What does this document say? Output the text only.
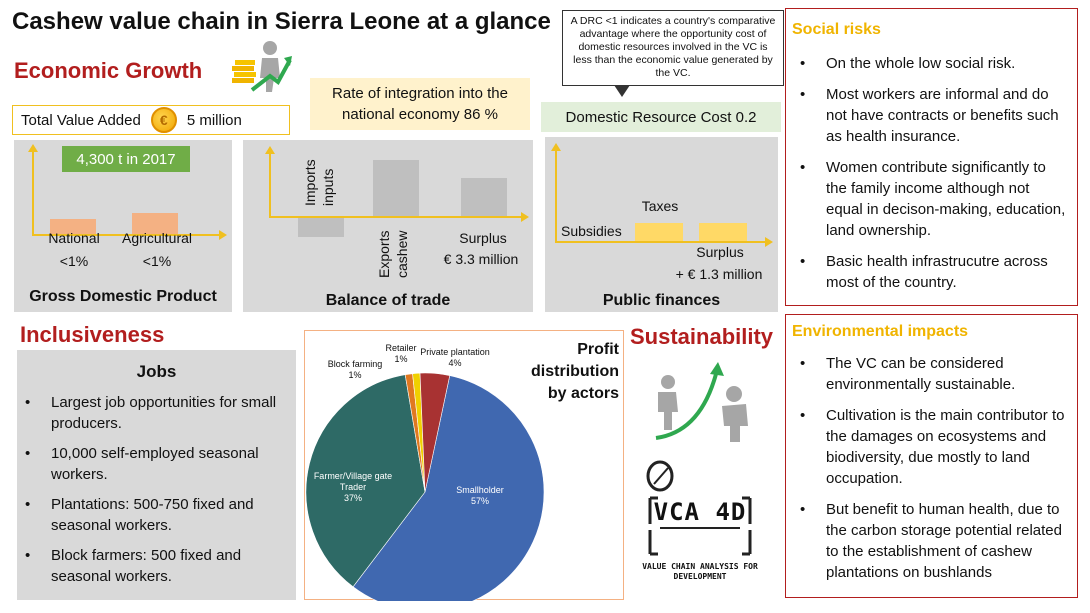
Cashew value chain in Sierra Leone at a glance
Economic Growth
Total Value Added	€	5 million
Rate of integration into the national economy 86 %
A DRC <1 indicates a country's comparative advantage where the opportunity cost of domestic resources involved in the VC is less than the economic value generated by the VC.
Domestic Resource Cost 0.2
4,300 t in 2017
National
<1%
Agricultural
<1%
Gross Domestic Product
Imports inputs
Exports cashew	Surplus
€ 3.3 million
Balance of trade
Taxes
Subsidies
Surplus
+ € 1.3 million
Public finances
Inclusiveness
Jobs
• Largest job opportunities for small producers.
• 10,000 self-employed seasonal workers.
• Plantations: 500-750 fixed and seasonal workers.
• Block farmers: 500 fixed and seasonal workers.
Smallholder 57%
Farmer/Village gate Trader 37%
Block farming 1%
Retailer 1%
Private plantation 4%
Profit distribution by actors
Sustainability
VCA 4D
VALUE CHAIN ANALYSIS FOR DEVELOPMENT
Social risks
• On the whole low social risk.
• Most workers are informal and do not have contracts or benefits such as health insurance.
• Women contribute significantly to the family income although not equal in decison-making, education, land ownership.
• Basic health infrastrucutre across most of the country.
Environmental impacts
• The VC can be considered environmentally sustainable.
• Cultivation is the main contributor to the damages on ecosystems and biodiversity, due mostly to land occupation.
• But benefit to human health, due to the carbon storage potential related to the establishment of cashew plantations on bushlands
